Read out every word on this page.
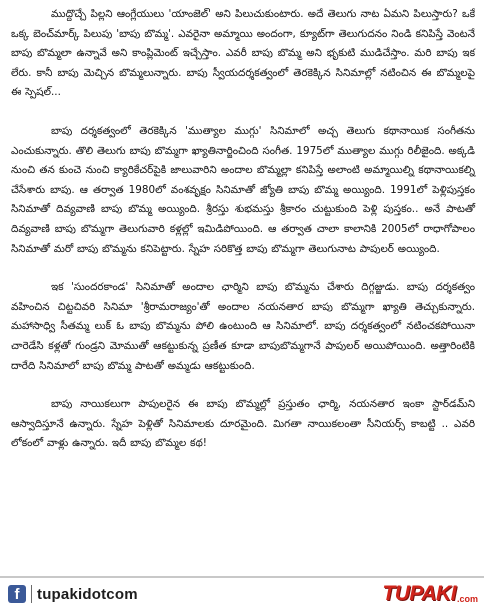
ముద్దొచ్చే పిల్లని ఆంగ్లేయులు 'యాంజెల్' అని పిలుచుకుంటారు. అదే తెలుగు నాట ఏమని పిలుస్తారు? ఒకే ఒక్క బెంచ్‌మార్క్ పిలుపు 'బాపు బొమ్మ'. ఎవరైనా అమ్మాయి అందంగా, క్యూట్‌గా తెలుగుదనం నిండి కనిపిస్తే వెంటనే బాపు బొమ్మలా ఉన్నావే అని కాంప్లిమెంట్ ఇచ్చేస్తాం. ఎవరీ బాపు బొమ్మ అని భృకుటి ముడిచేస్తాం. మరి బాపు ఇక లేరు. కానీ బాపు మెచ్చిన బొమ్మలున్నారు. బాపు స్వీయదర్శకత్వంలో తెరకెక్కిన సినిమాల్లో నటించిన ఈ బొమ్మలపై ఈ స్పెషల్...

బాపు దర్శకత్వంలో తెరకెక్కిన 'ముత్యాల ముగ్గు' సినిమాలో అచ్చ తెలుగు కథానాయిక సంగీతను ఎంచుకున్నారు. తొలి తెలుగు బాపు బొమ్మగా ఖ్యాతినార్జించింది సంగీత. 1975లో ముత్యాల ముగ్గు రిలీజైంది. అక్కడి నుంచి తన కుంచె నుంచి క్యారికేచర్‌పైకి జాలువారిని అందాల బొమ్మల్లా కనిపిస్తే అలాంటి అమ్మాయిల్ని కథానాయికల్ని చేసేశారు బాపు. ఆ తర్వాత 1980లో వంశవృక్షం సినిమాతో జ్యోతి బాపు బొమ్మ అయ్యింది. 1991లో పెళ్లిపుస్తకం సినిమాతో దివ్యవాణి బాపు బొమ్మ అయ్యింది. శ్రీరస్తు శుభమస్తు శ్రీకారం చుట్టుకుంది పెళ్లి పుస్తకం.. అనే పాటతో దివ్యవాణి బాపు బొమ్మగా తెలుగువారి కళ్లల్లో ఇమిడిపోయింది. ఆ తర్వాత చాలా కాలానికి 2005లో రాధాగోపాలం సినిమాతో మరో బాపు బొమ్మను కనిపెట్టారు. స్నేహ సరికొత్త బాపు బొమ్మగా తెలుగునాట పాపులర్ అయ్యింది.

ఇక 'సుందరకాండ' సినిమాతో అందాల ఛార్మిని బాపు బొమ్మను చేశారు దిగ్గజ్జుడు. బాపు దర్శకత్వం వహించిన చిట్టచివరి సినిమా 'శ్రీరామరాజ్యం'తో అందాల నయనతార బాపు బొమ్మగా ఖ్యాతి తెచ్చుకున్నారు. మహాసాధ్వి సీతమ్మ లుక్ ఓ బాపు బొమ్మను పోలి ఉంటుంది ఆ సినిమాలో. బాపు దర్శకత్వంలో నటించకపోయినా చారెడేసి కళ్లతో గుండ్రని మోముతో ఆకట్టుకున్న ప్రణీత కూడా బాపుబొమ్మగానే పాపులర్ అయిపోయింది. అత్తారింటికి దారేది సినిమాలో బాపు బొమ్మ పాటతో అమ్మడు ఆకట్టుకుంది.

బాపు నాయికలుగా పాపులరైన ఈ బాపు బొమ్మల్లో ప్రస్తుతం ఛార్మి, నయనతార ఇంకా స్టార్‌డమ్‌ని ఆస్వాదిస్తూనే ఉన్నారు. స్నేహ పెళ్లితో సినిమాలకు దూరమైంది. మిగతా నాయికలంతా సీనియర్స్ కాబట్టి .. ఎవరి లోకంలో వాళ్లు ఉన్నారు. ఇదీ బాపు బొమ్మల కథ!

f	tupakidotcom	TUPAKI .com
